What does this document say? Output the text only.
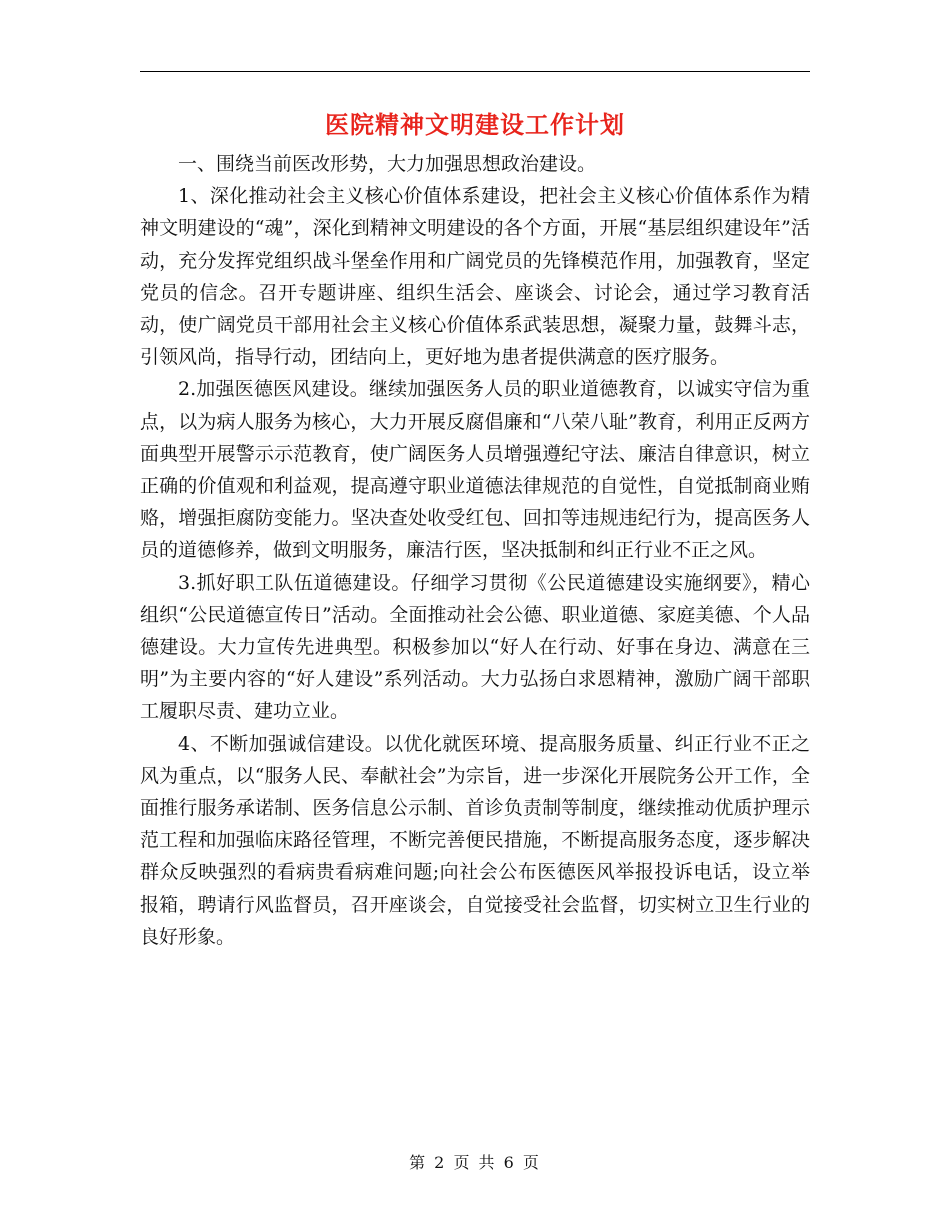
医院精神文明建设工作计划

一、围绕当前医改形势，大力加强思想政治建设。

1、深化推动社会主义核心价值体系建设，把社会主义核心价值体系作为精神文明建设的“魂”，深化到精神文明建设的各个方面，开展“基层组织建设年”活动，充分发挥党组织战斗堡垒作用和广阔党员的先锋模范作用，加强教育，坚定党员的信念。召开专题讲座、组织生活会、座谈会、讨论会，通过学习教育活动，使广阔党员干部用社会主义核心价值体系武装思想，凝聚力量，鼓舞斗志，引领风尚，指导行动，团结向上，更好地为患者提供满意的医疗服务。

2.加强医德医风建设。继续加强医务人员的职业道德教育，以诚实守信为重点，以为病人服务为核心，大力开展反腐倡廉和“八荣八耻”教育，利用正反两方面典型开展警示示范教育，使广阔医务人员增强遵纪守法、廉洁自律意识，树立正确的价值观和利益观，提高遵守职业道德法律规范的自觉性，自觉抵制商业贿赂，增强拒腐防变能力。坚决查处收受红包、回扣等违规违纪行为，提高医务人员的道德修养，做到文明服务，廉洁行医，坚决抵制和纠正行业不正之风。

3.抓好职工队伍道德建设。仔细学习贯彻《公民道德建设实施纲要》，精心组织“公民道德宣传日”活动。全面推动社会公德、职业道德、家庭美德、个人品德建设。大力宣传先进典型。积极参加以“好人在行动、好事在身边、满意在三明”为主要内容的“好人建设”系列活动。大力弘扬白求恩精神，激励广阔干部职工履职尽责、建功立业。

4、不断加强诚信建设。以优化就医环境、提高服务质量、纠正行业不正之风为重点，以“服务人民、奉献社会”为宗旨，进一步深化开展院务公开工作，全面推行服务承诺制、医务信息公示制、首诊负责制等制度，继续推动优质护理示范工程和加强临床路径管理，不断完善便民措施，不断提高服务态度，逐步解决群众反映强烈的看病贵看病难问题;向社会公布医德医风举报投诉电话，设立举报箱，聘请行风监督员，召开座谈会，自觉接受社会监督，切实树立卫生行业的良好形象。

第 2 页 共 6 页
